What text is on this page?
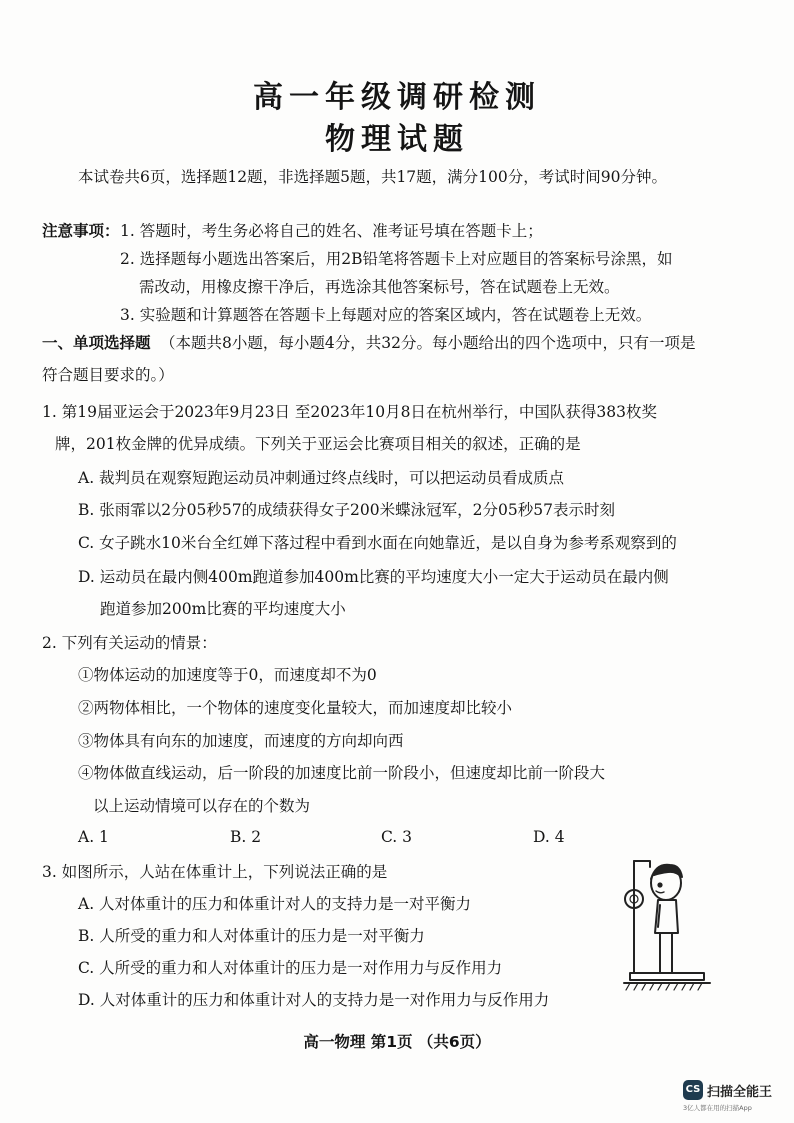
高一年级调研检测
物理试题
本试卷共6页，选择题12题，非选择题5题，共17题，满分100分，考试时间90分钟。
注意事项： 1. 答题时，考生务必将自己的姓名、准考证号填在答题卡上；
2. 选择题每小题选出答案后，用2B铅笔将答题卡上对应题目的答案标号涂黑，如
需改动，用橡皮擦干净后，再选涂其他答案标号，答在试题卷上无效。
3. 实验题和计算题答在答题卡上每题对应的答案区域内，答在试题卷上无效。
一、单项选择题 （本题共8小题，每小题4分，共32分。每小题给出的四个选项中，只有一项是
符合题目要求的。）
1. 第19届亚运会于2023年9月23日 至2023年10月8日在杭州举行，中国队获得383枚奖
牌，201枚金牌的优异成绩。下列关于亚运会比赛项目相关的叙述，正确的是
A. 裁判员在观察短跑运动员冲刺通过终点线时，可以把运动员看成质点
B. 张雨霏以2分05秒57的成绩获得女子200米蝶泳冠军，2分05秒57表示时刻
C. 女子跳水10米台全红婵下落过程中看到水面在向她靠近，是以自身为参考系观察到的
D. 运动员在最内侧400m跑道参加400m比赛的平均速度大小一定大于运动员在最内侧
跑道参加200m比赛的平均速度大小
2. 下列有关运动的情景：
①物体运动的加速度等于0，而速度却不为0
②两物体相比，一个物体的速度变化量较大，而加速度却比较小
③物体具有向东的加速度，而速度的方向却向西
④物体做直线运动，后一阶段的加速度比前一阶段小，但速度却比前一阶段大
以上运动情境可以存在的个数为
A. 1	B. 2	C. 3	D. 4
3. 如图所示，人站在体重计上，下列说法正确的是
A. 人对体重计的压力和体重计对人的支持力是一对平衡力
B. 人所受的重力和人对体重计的压力是一对平衡力
C. 人所受的重力和人对体重计的压力是一对作用力与反作用力
D. 人对体重计的压力和体重计对人的支持力是一对作用力与反作用力
高一物理 第1页 （共6页）
CS 扫描全能王
3亿人都在用的扫描App
